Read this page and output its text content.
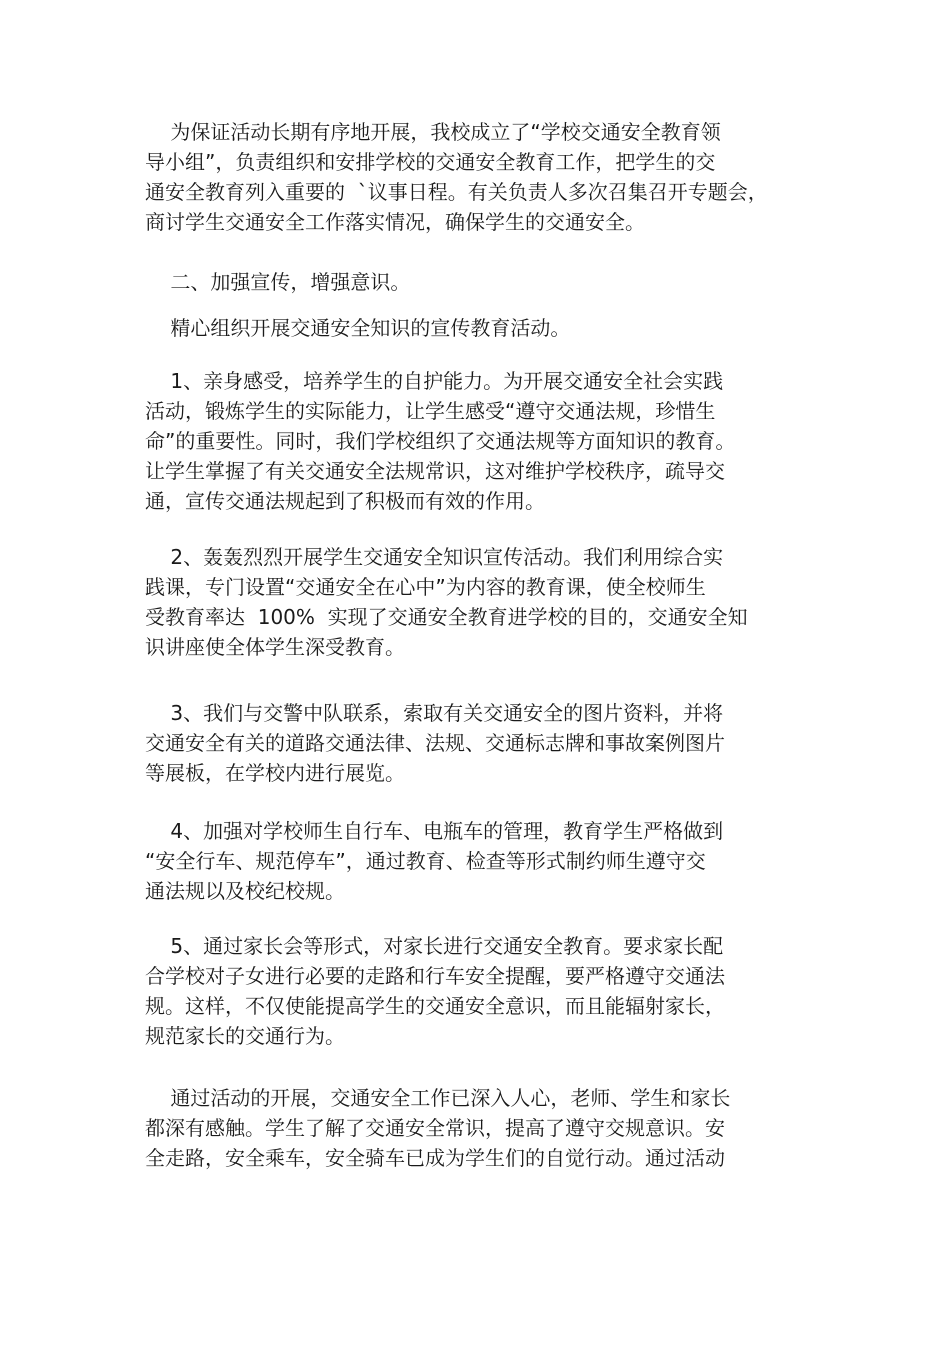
为保证活动长期有序地开展，我校成立了“学校交通安全教育领
导小组”，负责组织和安排学校的交通安全教育工作，把学生的交
通安全教育列入重要的  `议事日程。有关负责人多次召集召开专题会，
商讨学生交通安全工作落实情况，确保学生的交通安全。
二、加强宣传，增强意识。
精心组织开展交通安全知识的宣传教育活动。
1、亲身感受，培养学生的自护能力。为开展交通安全社会实践
活动，锻炼学生的实际能力，让学生感受“遵守交通法规，珍惜生
命”的重要性。同时，我们学校组织了交通法规等方面知识的教育。
让学生掌握了有关交通安全法规常识，这对维护学校秩序，疏导交
通，宣传交通法规起到了积极而有效的作用。
2、轰轰烈烈开展学生交通安全知识宣传活动。我们利用综合实
践课，专门设置“交通安全在心中”为内容的教育课，使全校师生
受教育率达  100%  实现了交通安全教育进学校的目的，交通安全知
识讲座使全体学生深受教育。
3、我们与交警中队联系，索取有关交通安全的图片资料，并将
交通安全有关的道路交通法律、法规、交通标志牌和事故案例图片
等展板，在学校内进行展览。
4、加强对学校师生自行车、电瓶车的管理，教育学生严格做到
“安全行车、规范停车”，通过教育、检查等形式制约师生遵守交
通法规以及校纪校规。
5、通过家长会等形式，对家长进行交通安全教育。要求家长配
合学校对子女进行必要的走路和行车安全提醒，要严格遵守交通法
规。这样，不仅使能提高学生的交通安全意识，而且能辐射家长，
规范家长的交通行为。
通过活动的开展，交通安全工作已深入人心，老师、学生和家长
都深有感触。学生了解了交通安全常识，提高了遵守交规意识。安
全走路，安全乘车，安全骑车已成为学生们的自觉行动。通过活动
